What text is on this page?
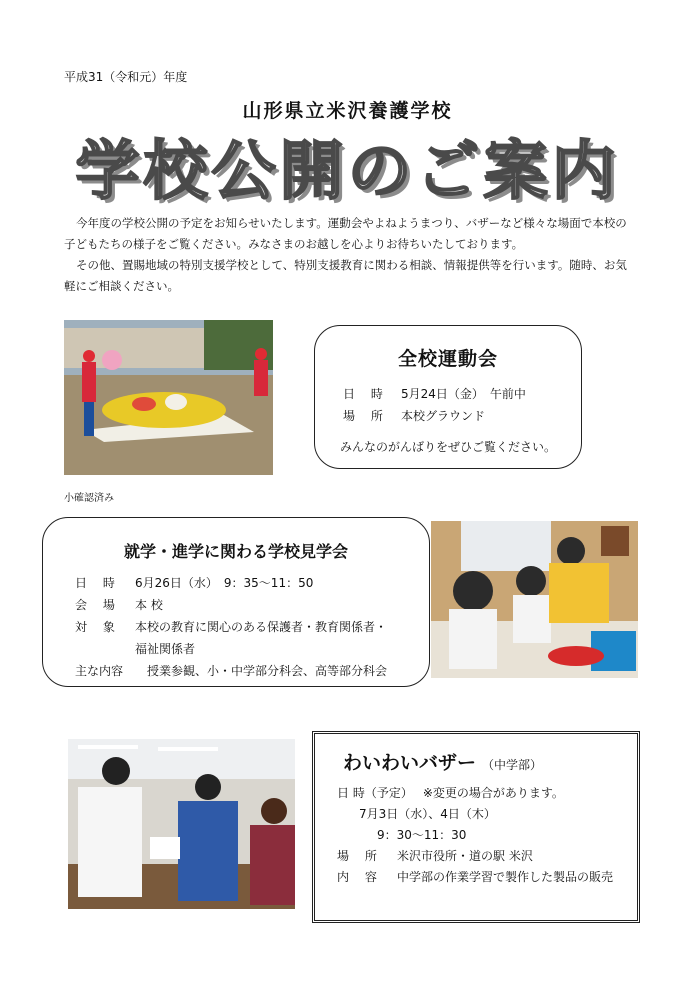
平成31（令和元）年度
山形県立米沢養護学校
学校公開のご案内

今年度の学校公開の予定をお知らせいたします。運動会やよねようまつり、バザーなど様々な場面で本校の子どもたちの様子をご覧ください。みなさまのお越しを心よりお待ちいたしております。

その他、置賜地域の特別支援学校として、特別支援教育に関わる相談、情報提供等を行います。随時、お気軽にご相談ください。

全校運動会
日 時	5月24日（金）　午前中
場 所	本校グラウンド
みんなのがんばりをぜひご覧ください。
小確認済み
就学・進学に関わる学校見学会
日 時	6月26日（水）　9：35～11：50
会 場	本 校
対 象	本校の教育に関心のある保護者・教育関係者・
福祉関係者
主な内容	授業参観、小・中学部分科会、高等部分科会
わいわいバザー （中学部）
日 時（予定） ※変更の場合があります。
7月3日（水）、4日（木）
9：30～11：30
場 所	米沢市役所・道の駅 米沢
内 容	中学部の作業学習で製作した製品の販売
